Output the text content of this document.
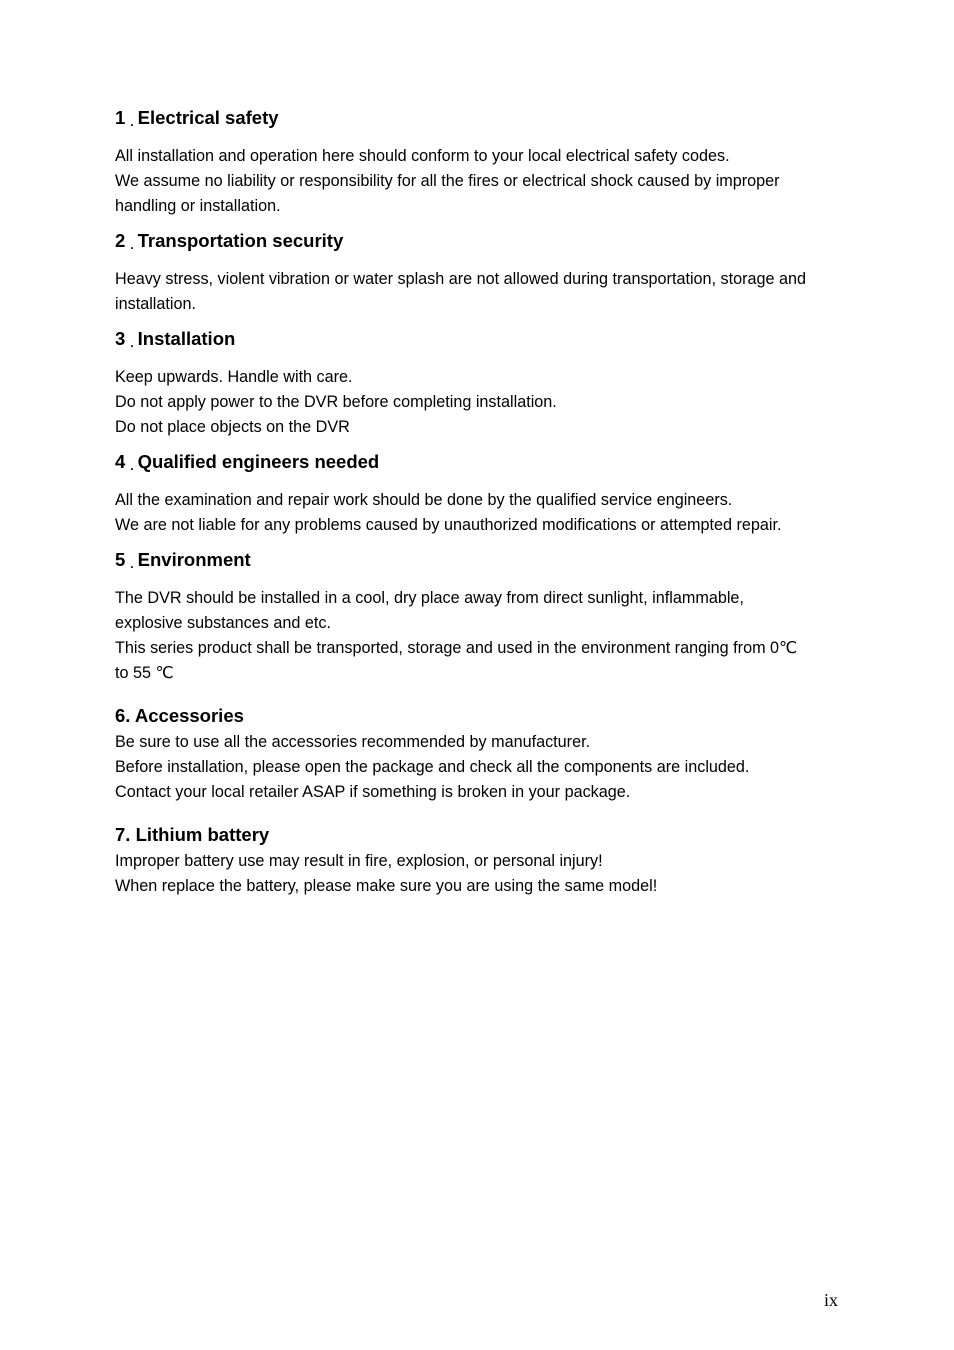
1 . Electrical safety

All installation and operation here should conform to your local electrical safety codes.
We assume no liability or responsibility for all the fires or electrical shock caused by improper
handling or installation.

2 . Transportation security

Heavy stress, violent vibration or water splash are not allowed during transportation, storage and
installation.

3 . Installation

Keep upwards. Handle with care.
Do not apply power to the DVR before completing installation.
Do not place objects on the DVR

4 . Qualified engineers needed

All the examination and repair work should be done by the qualified service engineers.
We are not liable for any problems caused by unauthorized modifications or attempted repair.

5 . Environment

The DVR should be installed in a cool, dry place away from direct sunlight, inflammable,
explosive substances and etc.
This series product shall be transported, storage and used in the environment ranging from 0℃
to 55 ℃

6. Accessories

Be sure to use all the accessories recommended by manufacturer.
Before installation, please open the package and check all the components are included.
Contact your local retailer ASAP if something is broken in your package.

7. Lithium battery

Improper battery use may result in fire, explosion, or personal injury!
When replace the battery, please make sure you are using the same model!

ix
